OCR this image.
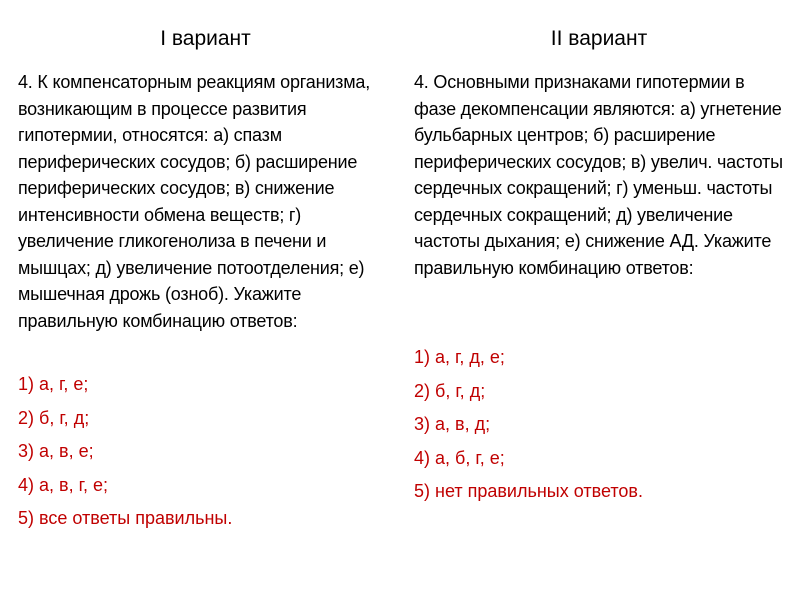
I вариант
4. К компенсаторным реакциям организма, возникающим в процессе развития гипотермии, относятся: а) спазм периферических сосудов; б) расширение периферических сосудов; в) снижение интенсивности обмена веществ; г) увеличение гликогенолиза в печени и мышцах; д) увеличение потоотделения; е) мышечная дрожь (озноб). Укажите правильную комбинацию ответов:
1) а, г, е;
2) б, г, д;
3) а, в, е;
4) а, в, г, е;
5) все ответы правильны.
II вариант
4. Основными признаками гипотермии в фазе декомпенсации являются: а) угнетение бульбарных центров; б) расширение периферических сосудов; в) увелич. частоты сердечных сокращений; г) уменьш. частоты сердечных сокращений; д) увеличение частоты дыхания; е) снижение АД. Укажите правильную комбинацию ответов:
1) а, г, д, е;
2) б, г, д;
3) а, в, д;
4) а, б, г, е;
5) нет правильных ответов.
